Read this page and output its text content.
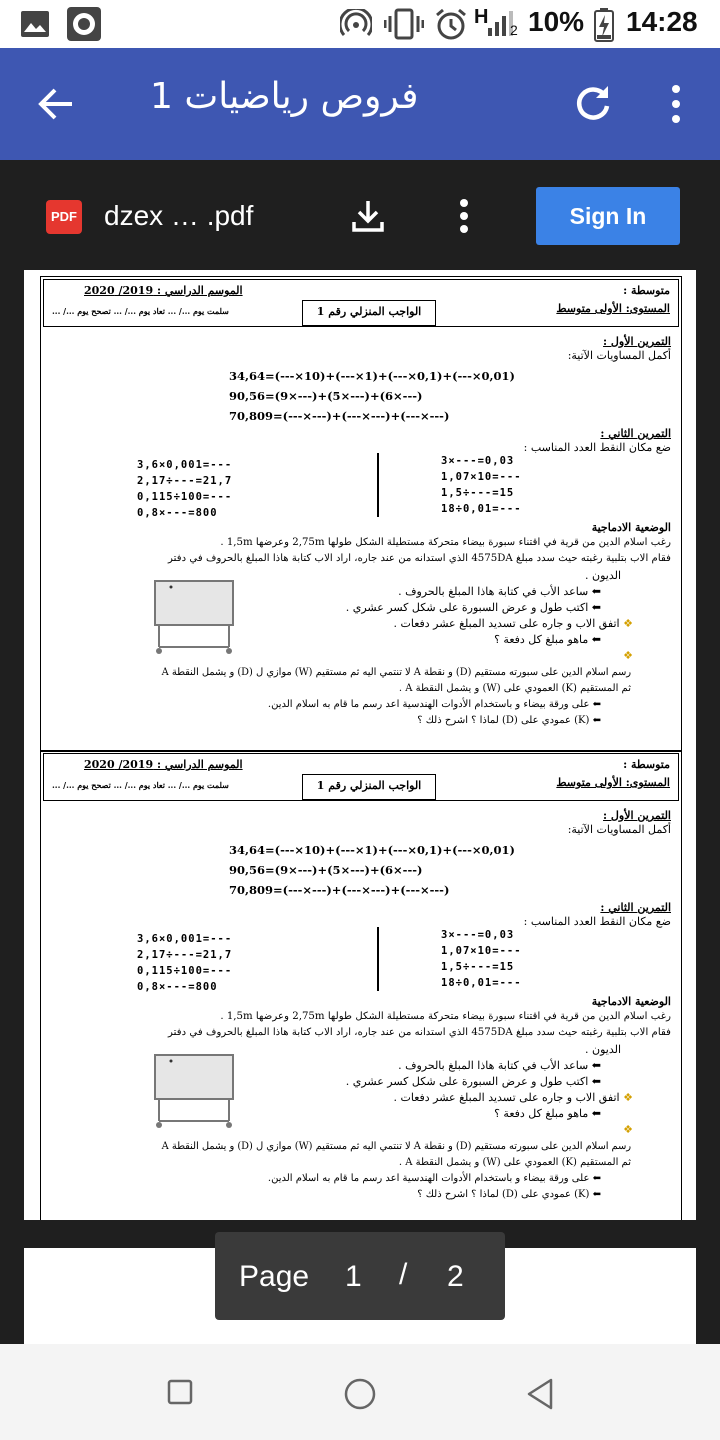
H
2 10% 14:28
فروص رياضيات 1
PDF dzex … .pdf	Sign In
متوسطة :
المستوى: الأولى متوسط
الواجب المنزلي رقم 1
الموسم الدراسي : 2019/ 2020
سلمت يوم .../ ... تعاد يوم .../ ... تصحح يوم .../ ...
التمرين الأول :
أكمل المساويات الآتية:
34,64=(---×10)+(---×1)+(---×0,1)+(---×0,01)
90,56=(9×---)+(5×---)+(6×---)
70,809=(---×---)+(---×---)+(---×---)
التمرين الثاني :
ضع مكان النقط العدد المناسب :
3,6×0,001=---
2,17÷---=21,7
0,115÷100=---
0,8×---=800
3×---=0,03
1,07×10=---
1,5÷---=15
18÷0,01=---
الوضعية الادماجية
رغب اسلام الدين من قرية في اقتناء سبورة بيضاء متحركة مستطيلة الشكل طولها 2,75m وعرضها 1,5m .
فقام الاب بتلبية رغبته حيث سدد مبلغ 4575DA الذي استدانه من عند جاره، اراد الاب كتابة هاذا المبلغ بالحروف في دفتر
الديون .
⬅ ساعد الأب في كتابة هاذا المبلغ بالحروف .
⬅ اكتب طول و عرض السبورة على شكل كسر عشري .
❖ اتفق الاب و جاره على تسديد المبلغ عشر دفعات .
⬅ ماهو مبلغ كل دفعة ؟
❖
رسم اسلام الدين على سبورته مستقيم (D) و نقطة A لا تنتمي اليه ثم مستقيم (W) موازي ل (D) و يشمل النقطة A
ثم المستقيم (K) العمودي على (W) و يشمل النقطة A .
⬅ على ورقة بيضاء و باستخدام الأدوات الهندسية اعد رسم ما قام به اسلام الدين.
⬅ (K) عمودي على (D) لماذا ؟ اشرح ذلك ؟
متوسطة :
المستوى: الأولى متوسط
الواجب المنزلي رقم 1
الموسم الدراسي : 2019/ 2020
سلمت يوم .../ ... تعاد يوم .../ ... تصحح يوم .../ ...
التمرين الأول :
أكمل المساويات الآتية:
34,64=(---×10)+(---×1)+(---×0,1)+(---×0,01)
90,56=(9×---)+(5×---)+(6×---)
70,809=(---×---)+(---×---)+(---×---)
التمرين الثاني :
ضع مكان النقط العدد المناسب :
3,6×0,001=---
2,17÷---=21,7
0,115÷100=---
0,8×---=800
3×---=0,03
1,07×10=---
1,5÷---=15
18÷0,01=---
الوضعية الادماجية
رغب اسلام الدين من قرية في اقتناء سبورة بيضاء متحركة مستطيلة الشكل طولها 2,75m وعرضها 1,5m .
فقام الاب بتلبية رغبته حيث سدد مبلغ 4575DA الذي استدانه من عند جاره، اراد الاب كتابة هاذا المبلغ بالحروف في دفتر
الديون .
⬅ ساعد الأب في كتابة هاذا المبلغ بالحروف .
⬅ اكتب طول و عرض السبورة على شكل كسر عشري .
❖ اتفق الاب و جاره على تسديد المبلغ عشر دفعات .
⬅ ماهو مبلغ كل دفعة ؟
❖
رسم اسلام الدين على سبورته مستقيم (D) و نقطة A لا تنتمي اليه ثم مستقيم (W) موازي ل (D) و يشمل النقطة A
ثم المستقيم (K) العمودي على (W) و يشمل النقطة A .
⬅ على ورقة بيضاء و باستخدام الأدوات الهندسية اعد رسم ما قام به اسلام الدين.
⬅ (K) عمودي على (D) لماذا ؟ اشرح ذلك ؟
Page 1 / 2
